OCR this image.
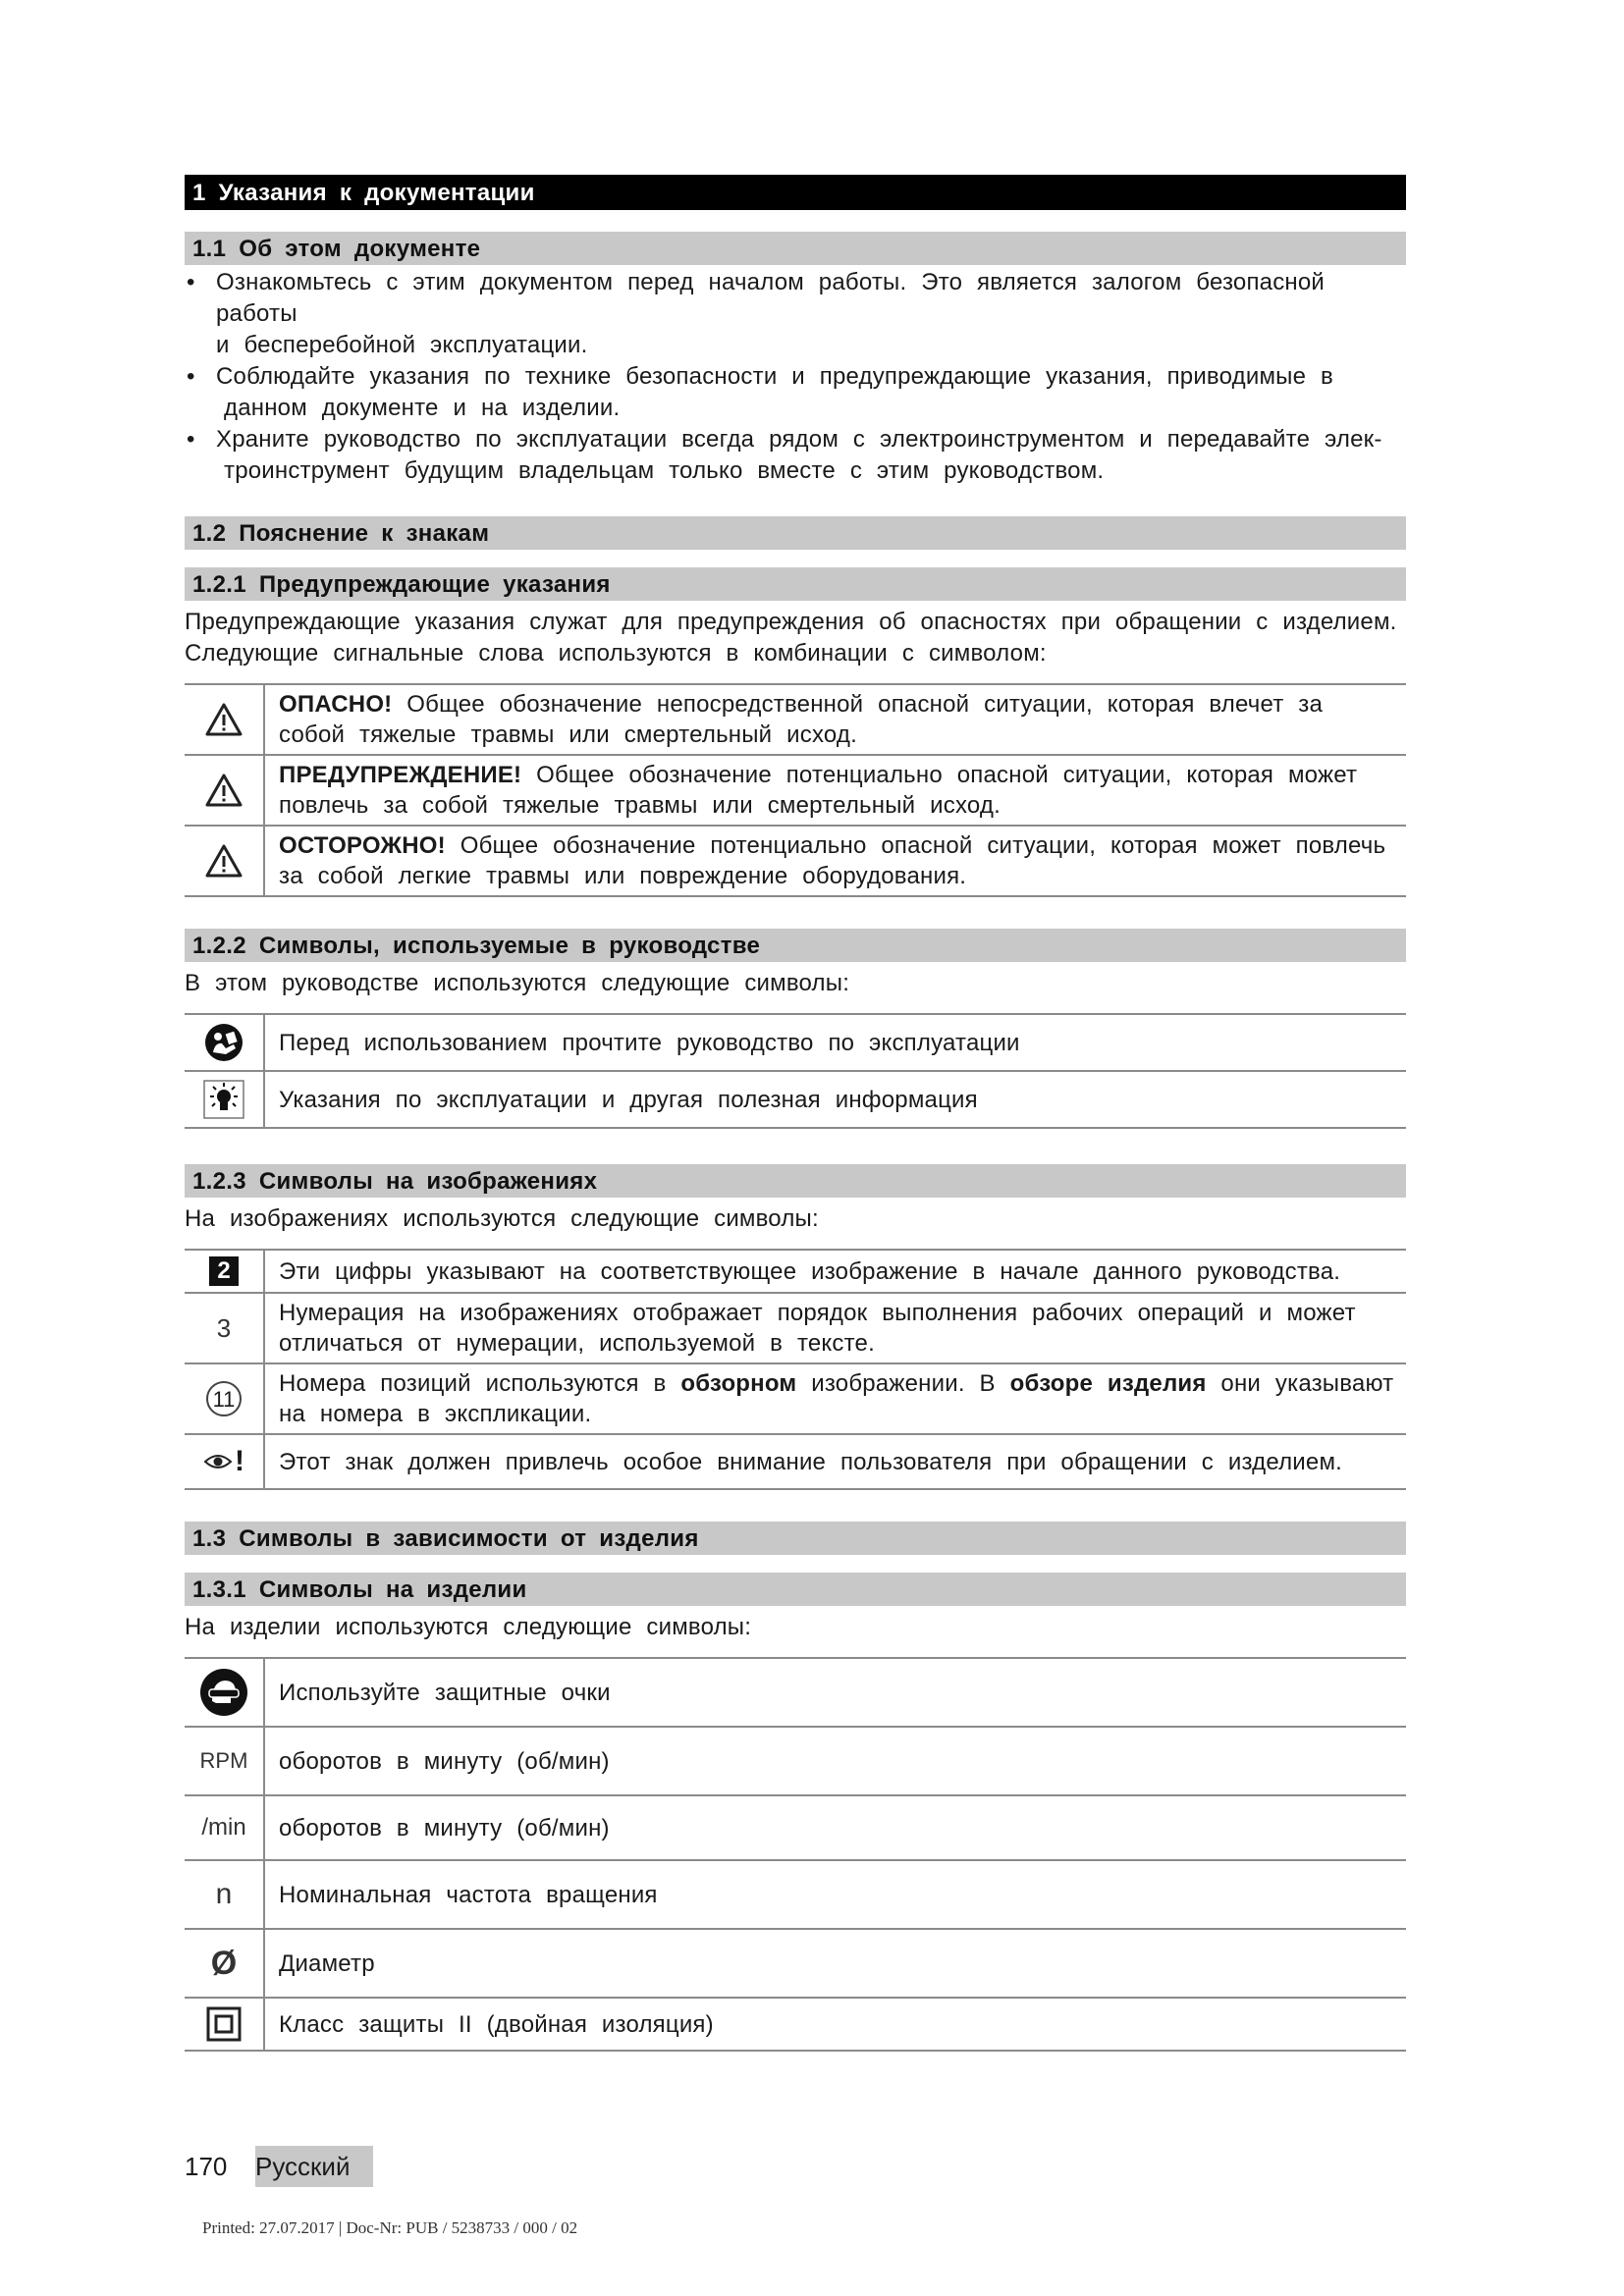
1 Указания к документации
1.1 Об этом документе
• Ознакомьтесь с этим документом перед началом работы. Это является залогом безопасной работы
и бесперебойной эксплуатации.
• Соблюдайте указания по технике безопасности и предупреждающие указания, приводимые в
данном документе и на изделии.
• Храните руководство по эксплуатации всегда рядом с электроинструментом и передавайте элек-
троинструмент будущим владельцам только вместе с этим руководством.
1.2 Пояснение к знакам
1.2.1 Предупреждающие указания
Предупреждающие указания служат для предупреждения об опасностях при обращении с изделием.
Следующие сигнальные слова используются в комбинации с символом:
	ОПАСНО! Общее обозначение непосредственной опасной ситуации, которая влечет за
собой тяжелые травмы или смертельный исход.

	ПРЕДУПРЕЖДЕНИЕ! Общее обозначение потенциально опасной ситуации, которая может
повлечь за собой тяжелые травмы или смертельный исход.

	ОСТОРОЖНО! Общее обозначение потенциально опасной ситуации, которая может повлечь
за собой легкие травмы или повреждение оборудования.
1.2.2 Символы, используемые в руководстве
В этом руководстве используются следующие символы:
	Перед использованием прочтите руководство по эксплуатации

	Указания по эксплуатации и другая полезная информация
1.2.3 Символы на изображениях
На изображениях используются следующие символы:
2	Эти цифры указывают на соответствующее изображение в начале данного руководства.
3	Нумерация на изображениях отображает порядок выполнения рабочих операций и может
отличаться от нумерации, используемой в тексте.
11	Номера позиций используются в обзорном изображении. В обзоре изделия они указывают
на номера в экспликации.
!	Этот знак должен привлечь особое внимание пользователя при обращении с изделием.
1.3 Символы в зависимости от изделия
1.3.1 Символы на изделии
На изделии используются следующие символы:
	Используйте защитные очки
RPM	оборотов в минуту (об/мин)
/min	оборотов в минуту (об/мин)
n	Номинальная частота вращения
Ø	Диаметр

	Класс защиты II (двойная изоляция)
170 Русский
Printed: 27.07.2017 | Doc-Nr: PUB / 5238733 / 000 / 02
